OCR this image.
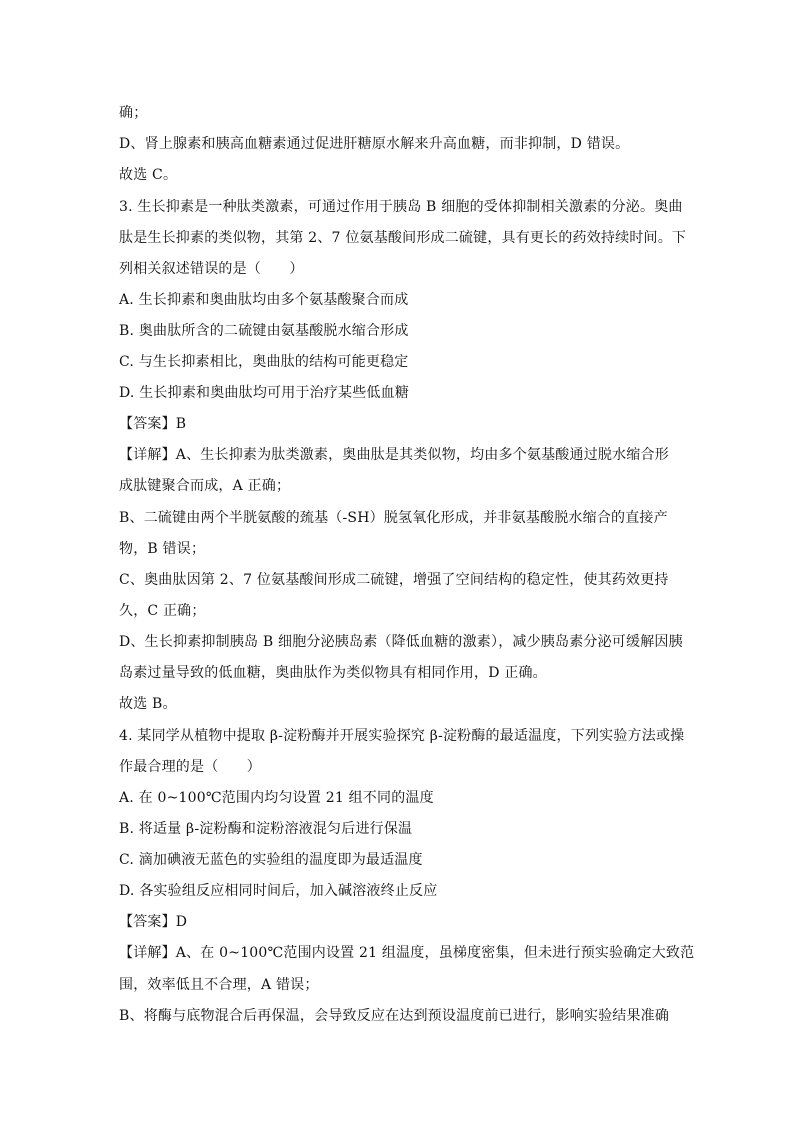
确；
D、肾上腺素和胰高血糖素通过促进肝糖原水解来升高血糖，而非抑制，D 错误。
故选 C。
3. 生长抑素是一种肽类激素，可通过作用于胰岛 B 细胞的受体抑制相关激素的分泌。奥曲
肽是生长抑素的类似物，其第 2、7 位氨基酸间形成二硫键，具有更长的药效持续时间。下
列相关叙述错误的是（　　）
A. 生长抑素和奥曲肽均由多个氨基酸聚合而成
B. 奥曲肽所含的二硫键由氨基酸脱水缩合形成
C. 与生长抑素相比，奥曲肽的结构可能更稳定
D. 生长抑素和奥曲肽均可用于治疗某些低血糖
【答案】B
【详解】A、生长抑素为肽类激素，奥曲肽是其类似物，均由多个氨基酸通过脱水缩合形
成肽键聚合而成，A 正确；
B、二硫键由两个半胱氨酸的巯基（-SH）脱氢氧化形成，并非氨基酸脱水缩合的直接产
物，B 错误；
C、奥曲肽因第 2、7 位氨基酸间形成二硫键，增强了空间结构的稳定性，使其药效更持
久，C 正确；
D、生长抑素抑制胰岛 B 细胞分泌胰岛素（降低血糖的激素），减少胰岛素分泌可缓解因胰
岛素过量导致的低血糖，奥曲肽作为类似物具有相同作用，D 正确。
故选 B。
4. 某同学从植物中提取 β-淀粉酶并开展实验探究 β-淀粉酶的最适温度，下列实验方法或操
作最合理的是（　　）
A. 在 0~100℃范围内均匀设置 21 组不同的温度
B. 将适量 β-淀粉酶和淀粉溶液混匀后进行保温
C. 滴加碘液无蓝色的实验组的温度即为最适温度
D. 各实验组反应相同时间后，加入碱溶液终止反应
【答案】D
【详解】A、在 0~100℃范围内设置 21 组温度，虽梯度密集，但未进行预实验确定大致范
围，效率低且不合理，A 错误；
B、将酶与底物混合后再保温，会导致反应在达到预设温度前已进行，影响实验结果准确
